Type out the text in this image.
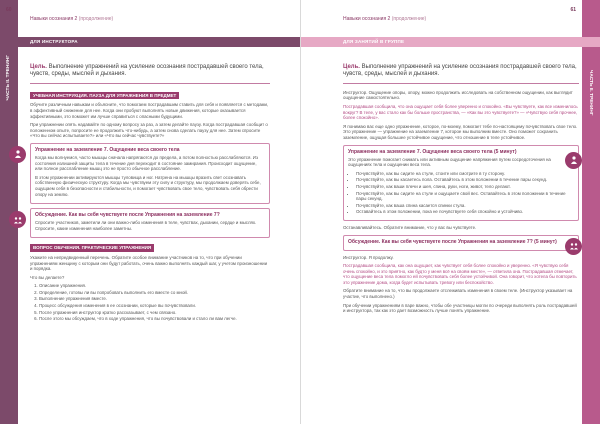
ЧАСТЬ II. ТРЕНИНГ
60
Навыки осознания 2 (продолжение)
ДЛЯ ИНСТРУКТОРА
Цель. Выполнение упражнений на усиление осознания пострадавшей своего тела, чувств, среды, мыслей и дыхания.
УЧЕБНАЯ ИНСТРУКЦИЯ. ПАУЗА ДЛЯ УПРАЖНЕНИЯ В ПРЕДМЕТ

Обучите различным навыкам и объясните, что помогаем пострадавшим ставить для себя и появляется с методами, в эффективный снижение для нее. Когда они пробуют выполнять новые движения, которые оказывается эффективными, это поможет им лучше справиться с опасными будущими.

При упражнении опять надавайте по одному вопросу за раз, а затем делайте паузу. Когда пострадавшая сообщит о положенном опыте, попросите ее продолжить что-нибудь, а затем снова сделать паузу для нее. Затем спросите «Что вы сейчас испытываете?» или «Что вы сейчас чувствуете?»

Упражнение на заземление 7. Ощущение веса своего тела

Когда мы волнуемся, часто мышцы сначала напрягаются до предела, а потом полностью расслабляются. Из состояния излишней защиты тела в течение дня переходит в состояние замирания. Происходит ощущение, или полное расслабление мышц это не просто обычное расслабление.

В этом упражнении активируются мышцы туловища и ног. Натрена на мышцы вразить свет осознавать собственную физическую структуру. Когда мы чувствуем эту силу и структуру, мы продолжаем доверять себе, ощущаем себя в безопасности и стабильности, и помогает чувствовать свое тело, чувствовать себя обрести опору на землю.

Обсуждение. Как вы себя чувствуете после Упражнения на заземление 7?

Спросите участников, заметили ли они важно-либо изменения в теле, чувствах, дыхании, сердце и мыслях. Спросите, какие изменения наиболее заметны.

ВОПРОС ОБУЧЕНИЯ. ПРАКТИЧЕСКИЕ УПРАЖНЕНИЯ

Укажите на непредвиденный перечень. Обратите особое внимание участников на то, что при обучении упражнениям женщину с которым они будут работать, очень важно выполнять каждый шаг, у учетом произношении и порядка.

Что вы делаете?

1. Описание упражнения.
2. Определение, готовы ли вы попробовать выполнить его вместе со мной.
3. Выполнение упражнения вместе.
4. Процесс обсуждения изменения в ее осознании, которые вы почувствовали.
5. После упражнения инструктор кратко рассказывает, с чем связано.
6. После этого мы обсуждаем, что в ходе упражнения, что вы почувствовали и стало ли вам легче.
ЧАСТЬ II. ТРЕНИНГ
61
Навыки осознания 2 (продолжение)
ДЛЯ ЗАНЯТИЙ В ГРУППЕ
Цель. Выполнение упражнений на усиление осознания пострадавшей своего тела, чувств, среды, мыслей и дыхания.

Инструктор. Ощущение опоры, опору, можно продолжить исследовать на собственном ощущении, как выглядит ощущение самостоятельно.

Пострадавшая сообщила, что она ощущает себя более уверенно и спокойно. «Вы чувствуете, как все изменилось вокруг? В теле, у вас стало как бы больше пространства, — «Как вы это чувствуете?» — «Чувствую себя прочнее, более спокойно».

Я понимаю вас еще одно упражнение, которое, по-моему, помогает тебе по-настоящему почувствовать свое тело. Это упражнение — упражнение на заземление 7, которое мы выполним вместе. Оно поможет сохранить заземление, ощущая большее устойчивое ощущение, что отношение в теле устойчивое.

Упражнение на заземление 7. Ощущение веса своего тела (5 минут)

Это упражнение помогает снимать или активным ощущение напряжения путем сосредоточения на ощущениях тела и ощущении веса тела.

• Почувствуйте, как вы сидите на стуле, стоите или смотрите в ту сторону.
• Почувствуйте, как вы касаетесь пола. Оставайтесь в этом положении в течение пары секунд.
• Почувствуйте, как ваши плечи и шея, спина, руки, ноги, живот, тело делают.
• Почувствуйте, как вы сидите на стуле и ощущаете свой вес. Оставайтесь в этом положении в течение пары секунд.
• Почувствуйте, как ваша спина касается спинки стула.
• Оставайтесь в этом положении, пока не почувствуете себя спокойно и устойчиво.

Останавливайтесь. Обратите внимание, что у вас вы чувствуете.

Обсуждение. Как вы себя чувствуете после Упражнения на заземление 7? (5 минут)

Инструктор. Я продолжу.

Пострадавшая сообщила, как она ощущает, как чувствует себя более спокойно и уверенно. «Я чувствую себя очень спокойно, и это приятно, как будто у меня всё на своём месте», — ответила она. Пострадавшая отмечает, что ощущение веса тела помогло ей почувствовать себя более устойчивой. Она говорит, что хотела бы повторить это упражнение дома, когда будет испытывать тревогу или беспокойство.

Обратите внимание на то, что вы продолжаете отслеживать изменения в своем теле. (Инструктор указывает на участие, что выполнено.)

При обучении упражнениям в паре важно, чтобы обе участницы могли по очереди выполнять роль пострадавшей и инструктора, так как это дает возможность лучше понять упражнение.
